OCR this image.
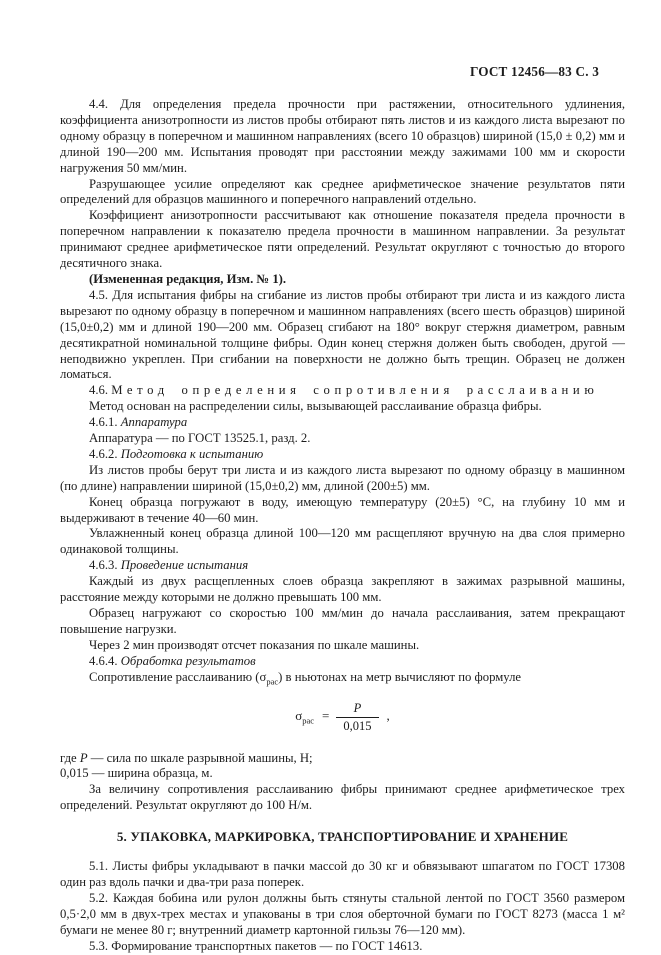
ГОСТ 12456—83 С. 3

4.4. Для определения предела прочности при растяжении, относительного удлинения, коэффициента анизотропности из листов пробы отбирают пять листов и из каждого листа вырезают по одному образцу в поперечном и машинном направлениях (всего 10 образцов) шириной (15,0 ± 0,2) мм и длиной 190—200 мм. Испытания проводят при расстоянии между зажимами 100 мм и скорости нагружения 50 мм/мин.

Разрушающее усилие определяют как среднее арифметическое значение результатов пяти определений для образцов машинного и поперечного направлений отдельно.

Коэффициент анизотропности рассчитывают как отношение показателя предела прочности в поперечном направлении к показателю предела прочности в машинном направлении. За результат принимают среднее арифметическое пяти определений. Результат округляют с точностью до второго десятичного знака.

(Измененная редакция, Изм. № 1).

4.5. Для испытания фибры на сгибание из листов пробы отбирают три листа и из каждого листа вырезают по одному образцу в поперечном и машинном направлениях (всего шесть образцов) шириной (15,0±0,2) мм и длиной 190—200 мм. Образец сгибают на 180° вокруг стержня диаметром, равным десятикратной номинальной толщине фибры. Один конец стержня должен быть свободен, другой — неподвижно укреплен. При сгибании на поверхности не должно быть трещин. Образец не должен ломаться.

4.6. Метод определения сопротивления расслаиванию

Метод основан на распределении силы, вызывающей расслаивание образца фибры.

4.6.1. Аппаратура

Аппаратура — по ГОСТ 13525.1, разд. 2.

4.6.2. Подготовка к испытанию

Из листов пробы берут три листа и из каждого листа вырезают по одному образцу в машинном (по длине) направлении шириной (15,0±0,2) мм, длиной (200±5) мм.

Конец образца погружают в воду, имеющую температуру (20±5) °С, на глубину 10 мм и выдерживают в течение 40—60 мин.

Увлажненный конец образца длиной 100—120 мм расщепляют вручную на два слоя примерно одинаковой толщины.

4.6.3. Проведение испытания

Каждый из двух расщепленных слоев образца закрепляют в зажимах разрывной машины, расстояние между которыми не должно превышать 100 мм.

Образец нагружают со скоростью 100 мм/мин до начала расслаивания, затем прекращают повышение нагрузки.

Через 2 мин производят отсчет показания по шкале машины.

4.6.4. Обработка результатов

Сопротивление расслаиванию $(\sigma_{рас})$ в ньютонах на метр вычисляют по формуле

$\sigma_{рас} = \frac{P}{0,015}$ ,

где Р — сила по шкале разрывной машины, Н;

0,015 — ширина образца, м.

За величину сопротивления расслаиванию фибры принимают среднее арифметическое трех определений. Результат округляют до 100 Н/м.

5. УПАКОВКА, МАРКИРОВКА, ТРАНСПОРТИРОВАНИЕ И ХРАНЕНИЕ

5.1. Листы фибры укладывают в пачки массой до 30 кг и обвязывают шпагатом по ГОСТ 17308 один раз вдоль пачки и два-три раза поперек.

5.2. Каждая бобина или рулон должны быть стянуты стальной лентой по ГОСТ 3560 размером 0,5·2,0 мм в двух-трех местах и упакованы в три слоя оберточной бумаги по ГОСТ 8273 (масса 1 м² бумаги не менее 80 г; внутренний диаметр картонной гильзы 76—120 мм).

5.3. Формирование транспортных пакетов — по ГОСТ 14613.
